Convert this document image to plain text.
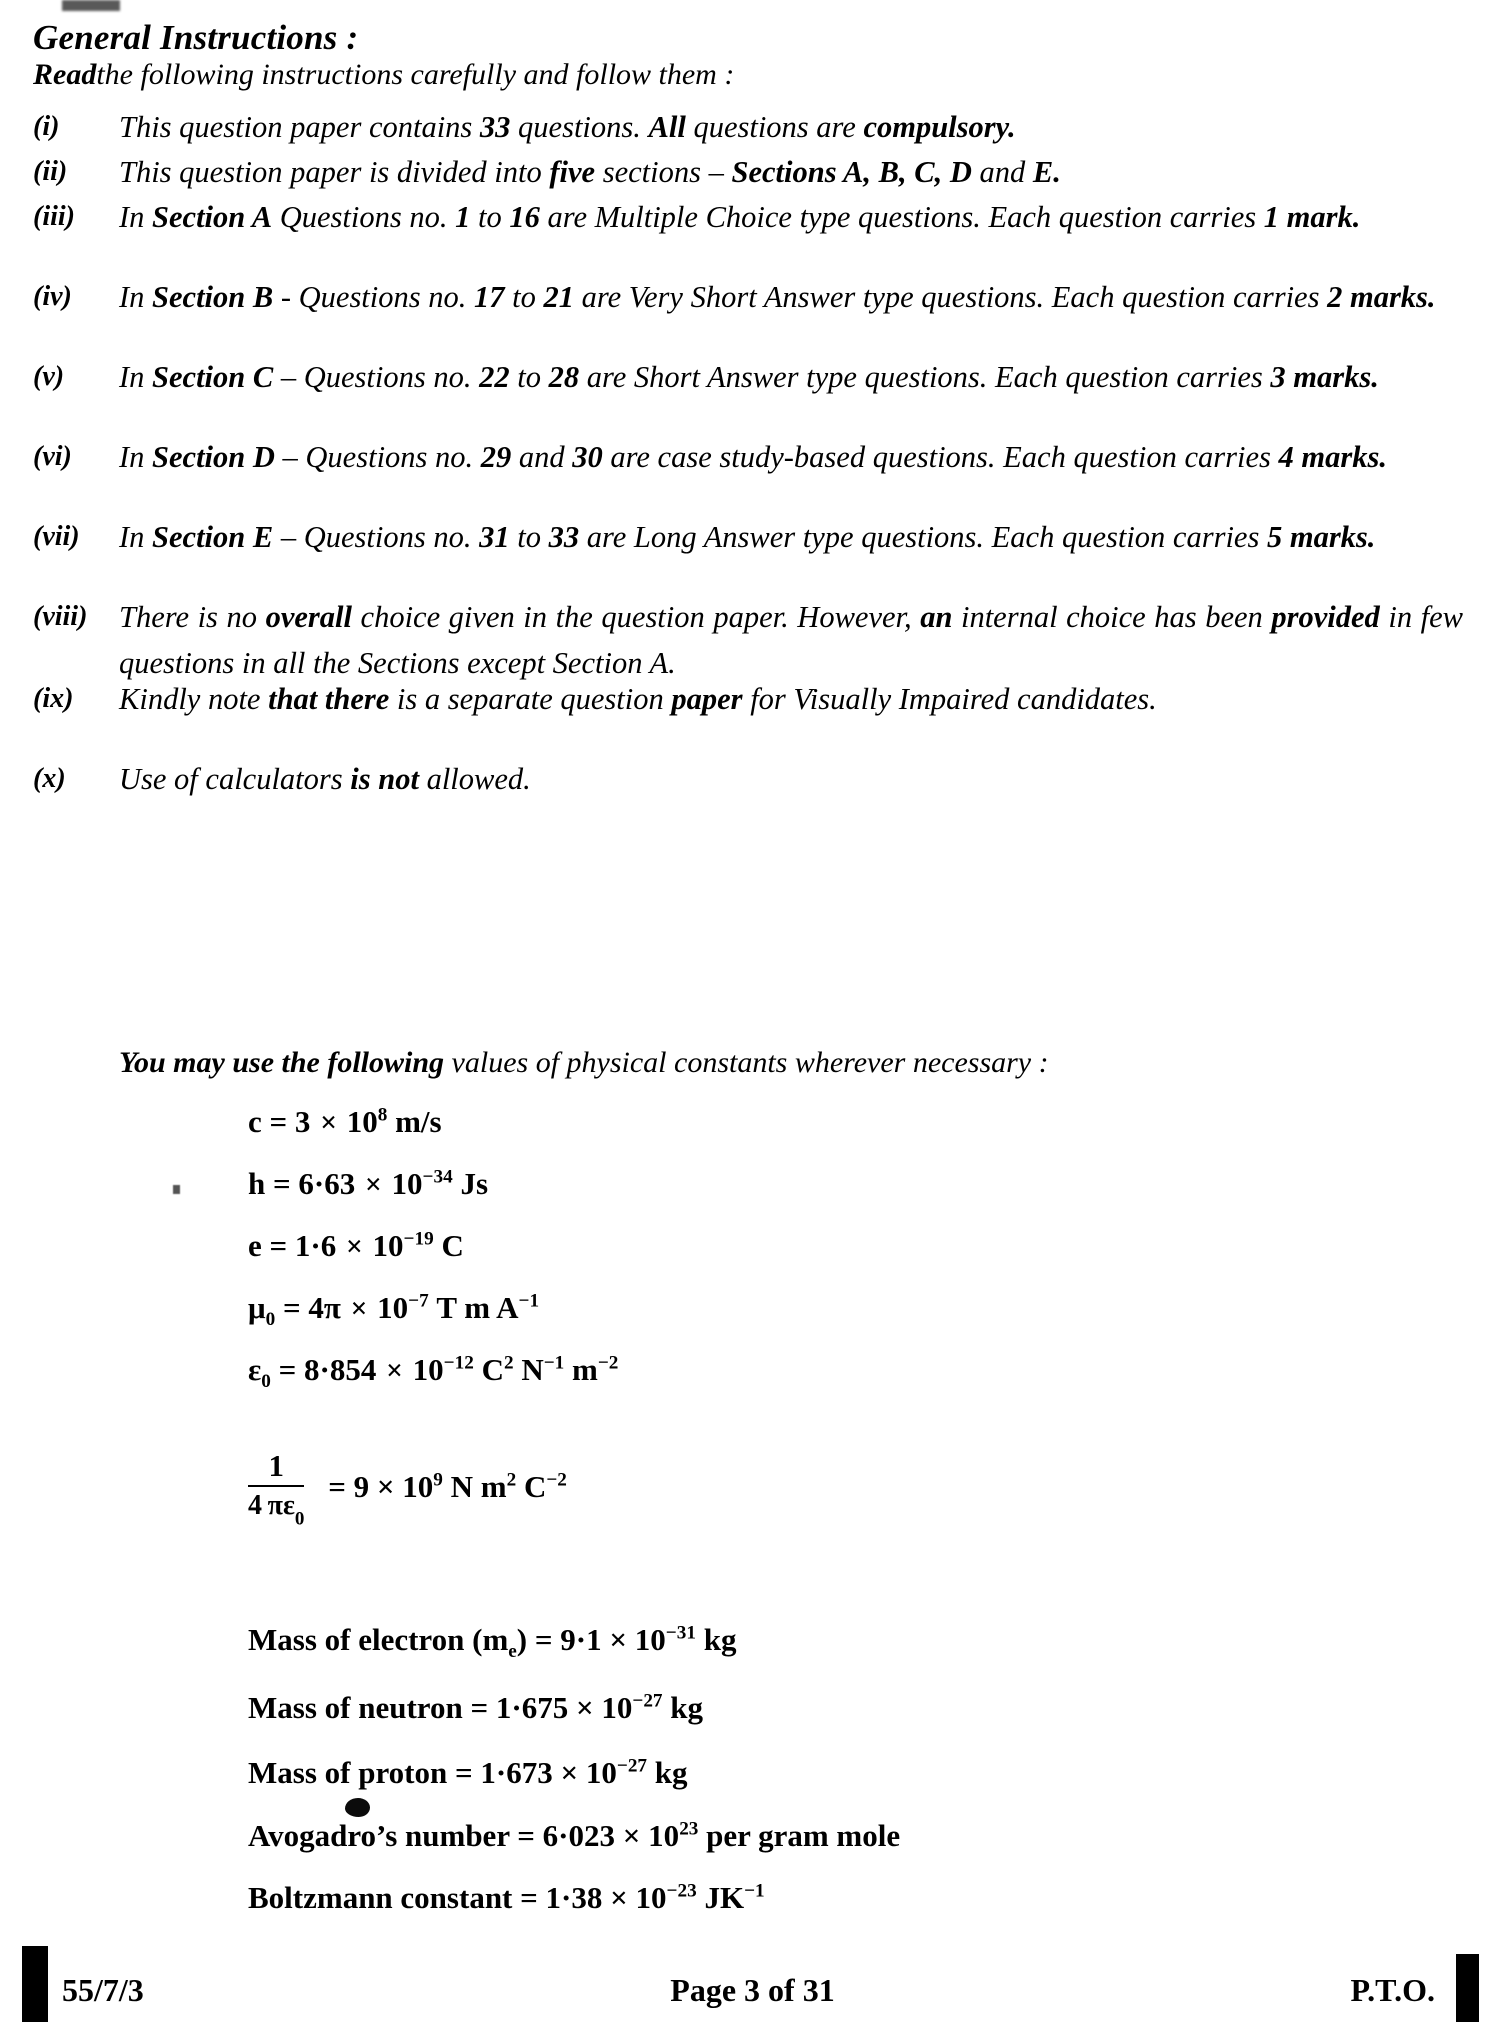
General Instructions :
Readthe following instructions carefully and follow them :
(i)	This question paper contains 33 questions. All questions are compulsory.
(ii)	This question paper is divided into five sections – Sections A, B, C, D and E.
(iii)	In Section A Questions no. 1 to 16 are Multiple Choice type questions. Each question carries 1 mark.
(iv)	In Section B - Questions no. 17 to 21 are Very Short Answer type questions. Each question carries 2 marks.
(v)	In Section C – Questions no. 22 to 28 are Short Answer type questions. Each question carries 3 marks.
(vi)	In Section D – Questions no. 29 and 30 are case study-based questions. Each question carries 4 marks.
(vii)	In Section E – Questions no. 31 to 33 are Long Answer type questions. Each question carries 5 marks.
(viii)	There is no overall choice given in the question paper. However, an internal choice has been provided in few questions in all the Sections except Section A.
(ix)	Kindly note that there is a separate question paper for Visually Impaired candidates.
(x)	Use of calculators is not allowed.
You may use the following values of physical constants wherever necessary :
$c = 3 \times 10^8$ m/s
$h = 6\cdot 63 \times 10^{-34}$ Js
$e = 1\cdot 6 \times 10^{-19}$ C
$\mu_0 = 4\pi \times 10^{-7}$ T m $A^{-1}$
$\varepsilon_0 = 8\cdot 854 \times 10^{-12}$ $C^2$ $N^{-1}$ $m^{-2}$
$\frac{1}{4 \pi\varepsilon_0} = 9 \times 10^9$ N $m^2$ $C^{-2}$
Mass of electron $(m_e) = 9\cdot 1 \times 10^{-31}$ kg
Mass of neutron = $1\cdot 675 \times 10^{-27}$ kg
Mass of proton = $1\cdot 673 \times 10^{-27}$ kg
Avogadro’s number = $6\cdot 023 \times 10^{23}$ per gram mole
Boltzmann constant = $1\cdot 38 \times 10^{-23}$ $JK^{-1}$
55/7/3	Page 3 of 31	P.T.O.
